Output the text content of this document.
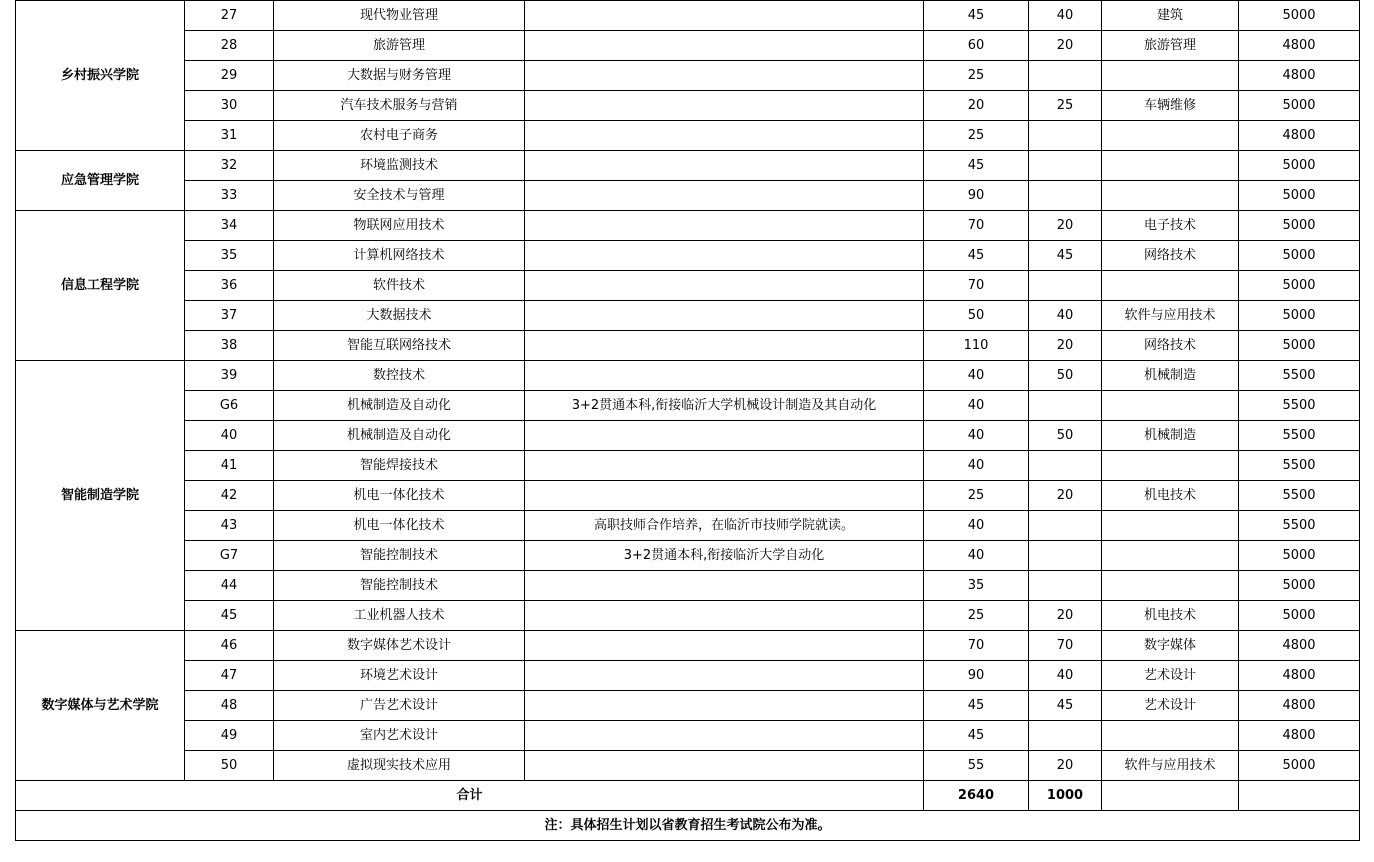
乡村振兴学院	27	现代物业管理		45	40	建筑	5000
	28	旅游管理		60	20	旅游管理	4800
	29	大数据与财务管理		25			4800
	30	汽车技术服务与营销		20	25	车辆维修	5000
	31	农村电子商务		25			4800
应急管理学院	32	环境监测技术		45			5000
	33	安全技术与管理		90			5000
信息工程学院	34	物联网应用技术		70	20	电子技术	5000
	35	计算机网络技术		45	45	网络技术	5000
	36	软件技术		70			5000
	37	大数据技术		50	40	软件与应用技术	5000
	38	智能互联网络技术		110	20	网络技术	5000
智能制造学院	39	数控技术		40	50	机械制造	5500
	G6	机械制造及自动化	3+2贯通本科,衔接临沂大学机械设计制造及其自动化	40			5500
	40	机械制造及自动化		40	50	机械制造	5500
	41	智能焊接技术		40			5500
	42	机电一体化技术		25	20	机电技术	5500
	43	机电一体化技术	高职技师合作培养，在临沂市技师学院就读。	40			5500
	G7	智能控制技术	3+2贯通本科,衔接临沂大学自动化	40			5000
	44	智能控制技术		35			5000
	45	工业机器人技术		25	20	机电技术	5000
数字媒体与艺术学院	46	数字媒体艺术设计		70	70	数字媒体	4800
	47	环境艺术设计		90	40	艺术设计	4800
	48	广告艺术设计		45	45	艺术设计	4800
	49	室内艺术设计		45			4800
	50	虚拟现实技术应用		55	20	软件与应用技术	5000
合计				2640	1000		
注：具体招生计划以省教育招生考试院公布为准。							
